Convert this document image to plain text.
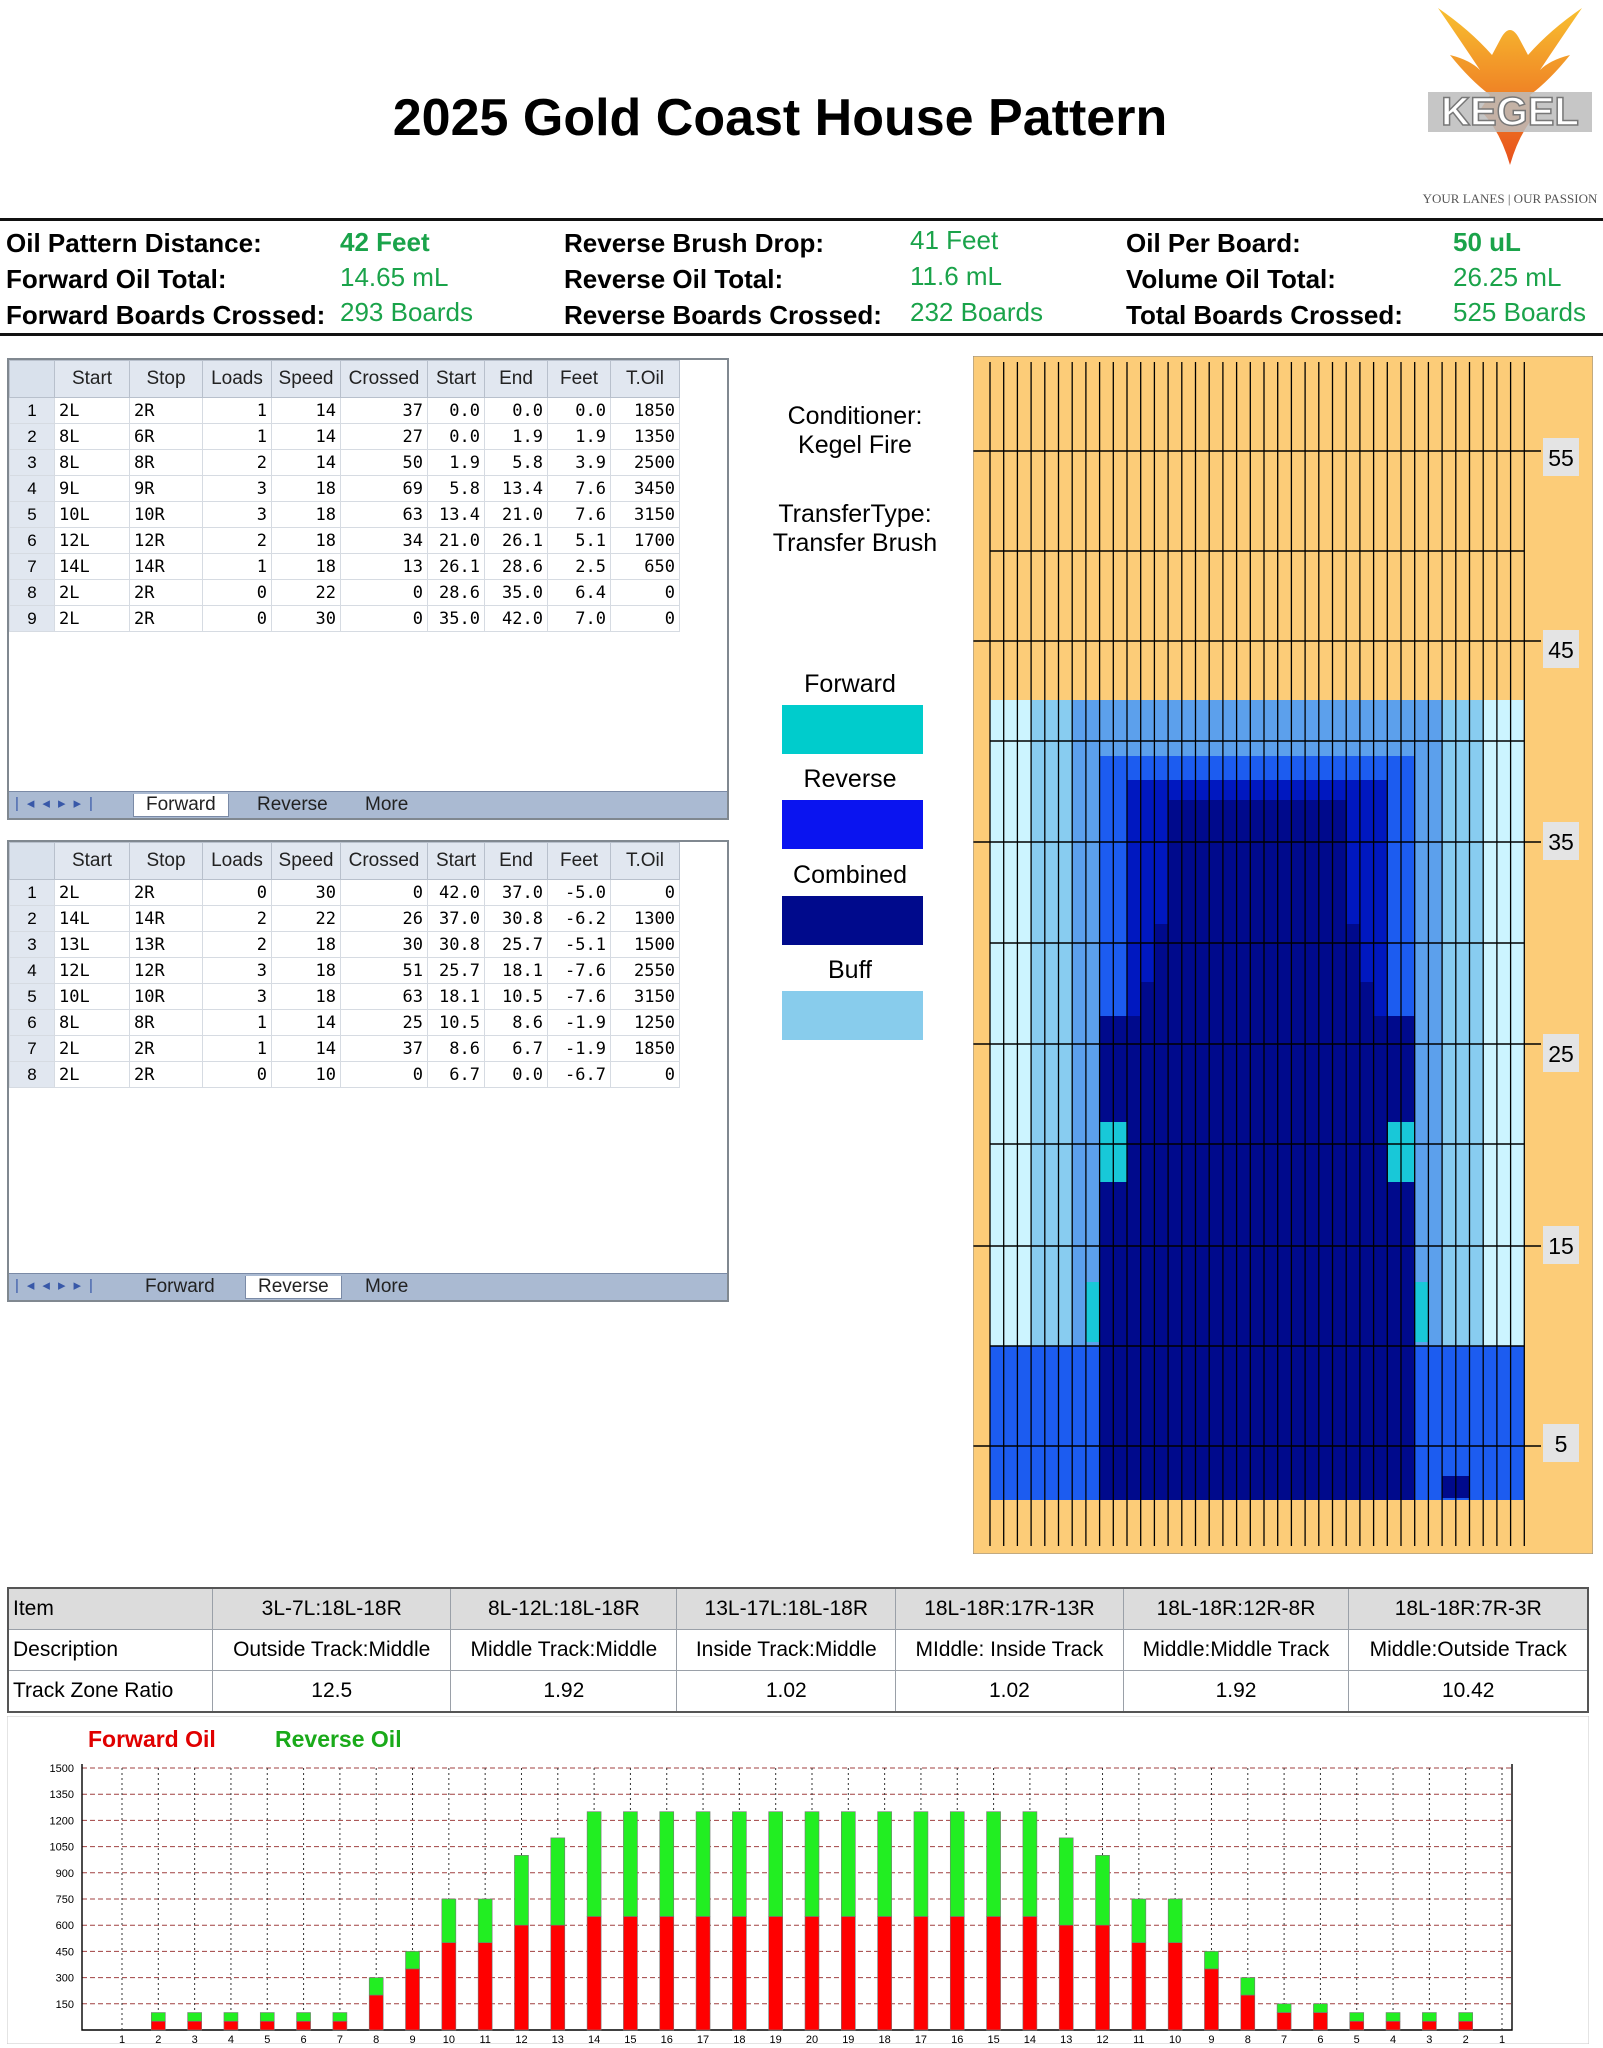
2025 Gold Coast House Pattern	KEGEL
YOUR LANES | OUR PASSION
Oil Pattern Distance:	42 Feet
Forward Oil Total:	14.65 mL
Forward Boards Crossed: 293 Boards
Reverse Brush Drop:	41 Feet
Reverse Oil Total:	11.6 mL
Reverse Boards Crossed: 232 Boards
Oil Per Board:	50 uL
Volume Oil Total:	26.25 mL
Total Boards Crossed: 525 Boards
	Start	Stop	Loads	Speed	Crossed	Start	End	Feet	T.Oil
1	2L	2R	1	14	37	0.0	0.0	0.0	1850
2	8L	6R	1	14	27	0.0	1.9	1.9	1350
3	8L	8R	2	14	50	1.9	5.8	3.9	2500
4	9L	9R	3	18	69	5.8	13.4	7.6	3450
5	10L	10R	3	18	63	13.4	21.0	7.6	3150
6	12L	12R	2	18	34	21.0	26.1	5.1	1700
7	14L	14R	1	18	13	26.1	28.6	2.5	650
8	2L	2R	0	22	0	28.6	35.0	6.4	0
9	2L	2R	0	30	0	35.0	42.0	7.0	0
|◂◂▸▸|	Forward	Reverse	More
	Start	Stop	Loads	Speed	Crossed	Start	End	Feet	T.Oil
1	2L	2R	0	30	0	42.0	37.0	-5.0	0
2	14L	14R	2	22	26	37.0	30.8	-6.2	1300
3	13L	13R	2	18	30	30.8	25.7	-5.1	1500
4	12L	12R	3	18	51	25.7	18.1	-7.6	2550
5	10L	10R	3	18	63	18.1	10.5	-7.6	3150
6	8L	8R	1	14	25	10.5	8.6	-1.9	1250
7	2L	2R	1	14	37	8.6	6.7	-1.9	1850
8	2L	2R	0	10	0	6.7	0.0	-6.7	0
|◂◂▸▸|	Forward	Reverse	More
Conditioner:
Kegel Fire
TransferType:
Transfer Brush
Forward
Reverse
Combined
Buff
55
45
35
25
15
5
Item	3L-7L:18L-18R	8L-12L:18L-18R	13L-17L:18L-18R	18L-18R:17R-13R	18L-18R:12R-8R	18L-18R:7R-3R
Description	Outside Track:Middle	Middle Track:Middle	Inside Track:Middle	MIddle: Inside Track	Middle:Middle Track	Middle:Outside Track
Track Zone Ratio	12.5	1.92	1.02	1.02	1.92	10.42
Forward Oil	Reverse Oil
1500
1350
1200
1050
900
750
600
450
300
150
1	2	3	4	5	6	7	8	9 10 11 12 13 14 15 16 17 18 19 20 19 18 17 16 15 14 13 12 11 10 9	8	7	6	5	4	3	2	1
